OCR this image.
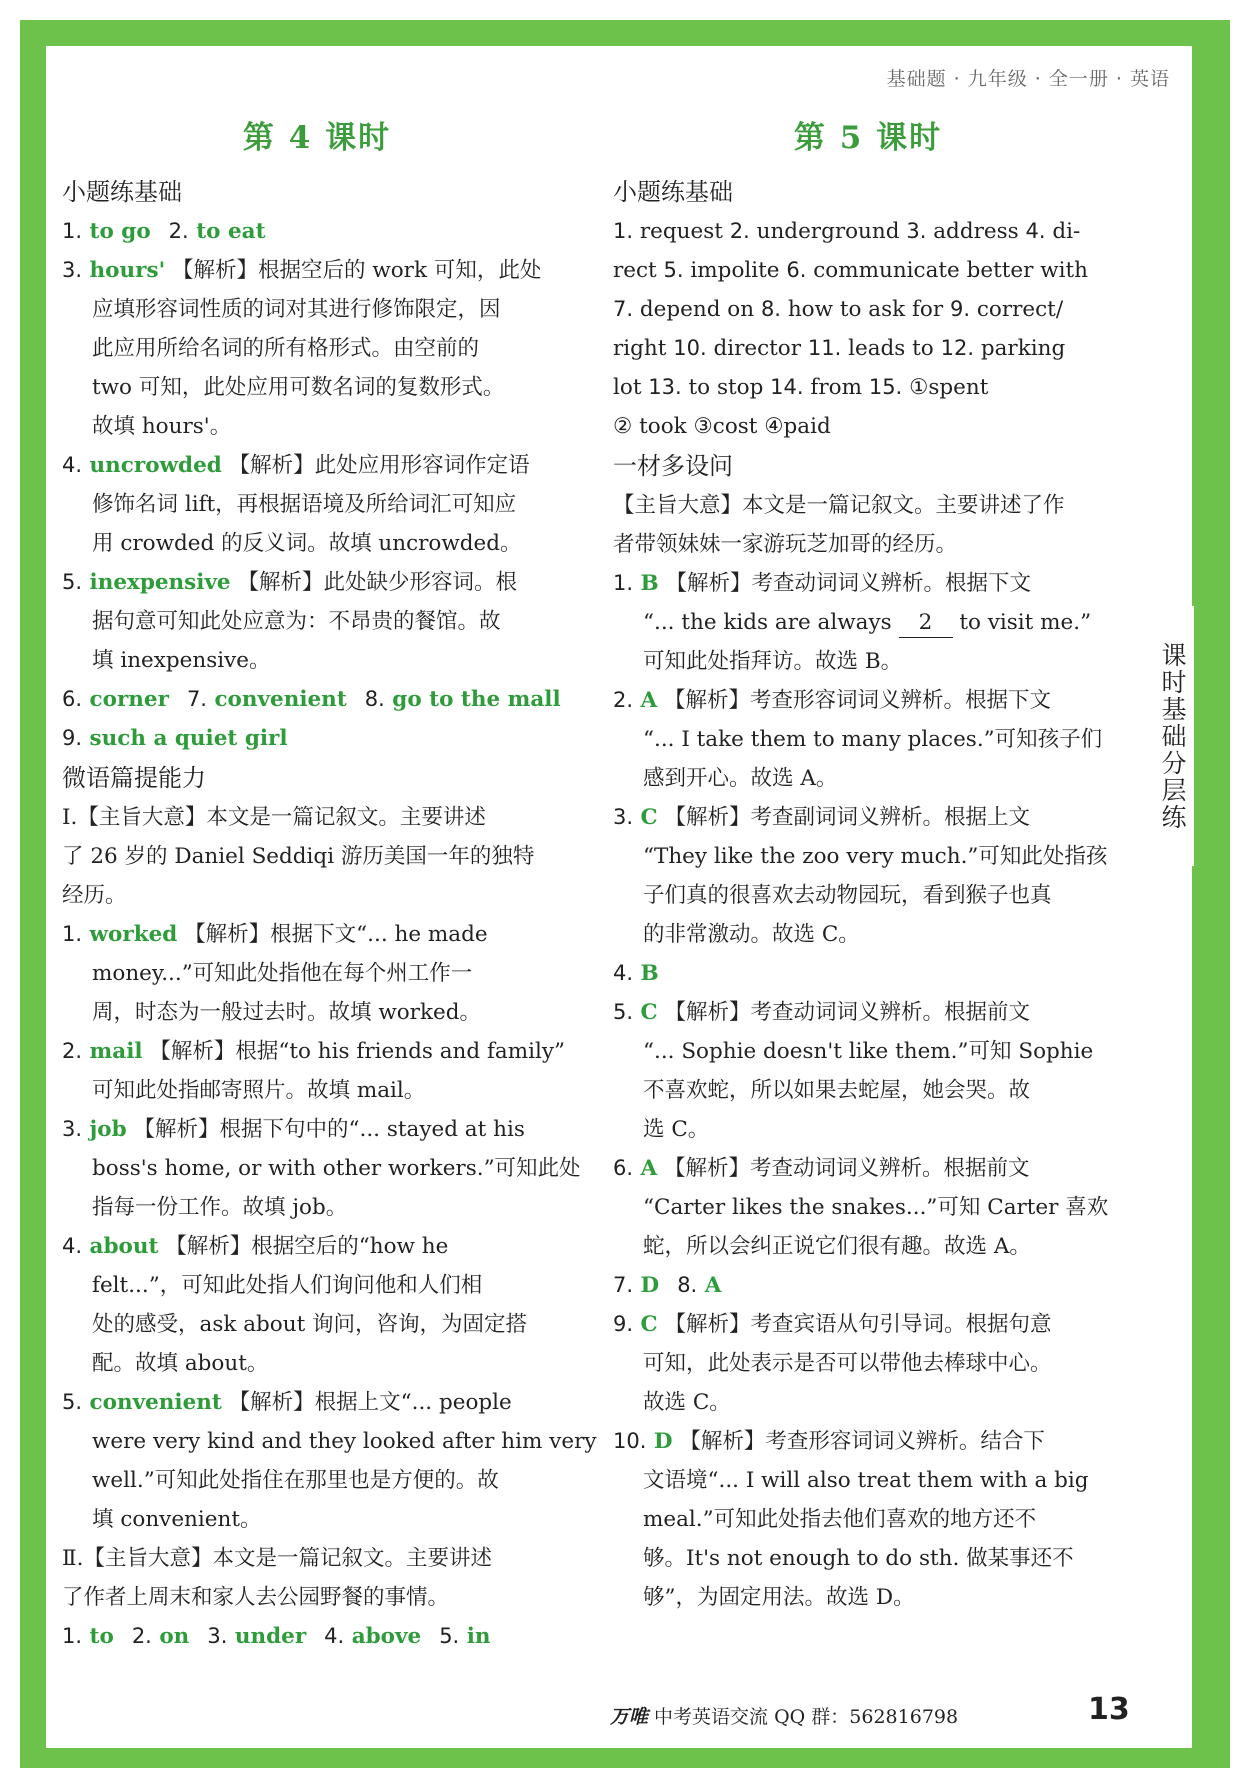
基础题 · 九年级 · 全一册 · 英语
课时基础分层练
第 4 课时
小题练基础
1. to go 2. to eat
3. hours' 【解析】根据空后的 work 可知，此处
应填形容词性质的词对其进行修饰限定，因
此应用所给名词的所有格形式。由空前的
two 可知，此处应用可数名词的复数形式。
故填 hours'。
4. uncrowded 【解析】此处应用形容词作定语
修饰名词 lift，再根据语境及所给词汇可知应
用 crowded 的反义词。故填 uncrowded。
5. inexpensive 【解析】此处缺少形容词。根
据句意可知此处应意为：不昂贵的餐馆。故
填 inexpensive。
6. corner 7. convenient 8. go to the mall
9. such a quiet girl
微语篇提能力
Ⅰ.【主旨大意】本文是一篇记叙文。主要讲述
了 26 岁的 Daniel Seddiqi 游历美国一年的独特
经历。
1. worked 【解析】根据下文“... he made
money...”可知此处指他在每个州工作一
周，时态为一般过去时。故填 worked。
2. mail 【解析】根据“to his friends and family”
可知此处指邮寄照片。故填 mail。
3. job 【解析】根据下句中的“... stayed at his
boss's home, or with other workers.”可知此处
指每一份工作。故填 job。
4. about 【解析】根据空后的“how he
felt...”，可知此处指人们询问他和人们相
处的感受，ask about 询问，咨询，为固定搭
配。故填 about。
5. convenient 【解析】根据上文“... people
were very kind and they looked after him very
well.”可知此处指住在那里也是方便的。故
填 convenient。
Ⅱ.【主旨大意】本文是一篇记叙文。主要讲述
了作者上周末和家人去公园野餐的事情。
1. to 2. on 3. under 4. above 5. in
第 5 课时
小题练基础
1. request 2. underground 3. address 4. di-
rect 5. impolite 6. communicate better with
7. depend on 8. how to ask for 9. correct/
right 10. director 11. leads to 12. parking
lot 13. to stop 14. from 15. ①spent
② took ③cost ④paid
一材多设问
【主旨大意】本文是一篇记叙文。主要讲述了作
者带领妹妹一家游玩芝加哥的经历。
1. B 【解析】考查动词词义辨析。根据下文
“... the kids are always 2 to visit me.”
可知此处指拜访。故选 B。
2. A 【解析】考查形容词词义辨析。根据下文
“... I take them to many places.”可知孩子们
感到开心。故选 A。
3. C 【解析】考查副词词义辨析。根据上文
“They like the zoo very much.”可知此处指孩
子们真的很喜欢去动物园玩，看到猴子也真
的非常激动。故选 C。
4. B
5. C 【解析】考查动词词义辨析。根据前文
“... Sophie doesn't like them.”可知 Sophie
不喜欢蛇，所以如果去蛇屋，她会哭。故
选 C。
6. A 【解析】考查动词词义辨析。根据前文
“Carter likes the snakes...”可知 Carter 喜欢
蛇，所以会纠正说它们很有趣。故选 A。
7. D 8. A
9. C 【解析】考查宾语从句引导词。根据句意
可知，此处表示是否可以带他去棒球中心。
故选 C。
10. D 【解析】考查形容词词义辨析。结合下
文语境“... I will also treat them with a big
meal.”可知此处指去他们喜欢的地方还不
够。It's not enough to do sth. 做某事还不
够”，为固定用法。故选 D。
万唯 中考英语交流 QQ 群：562816798	13
